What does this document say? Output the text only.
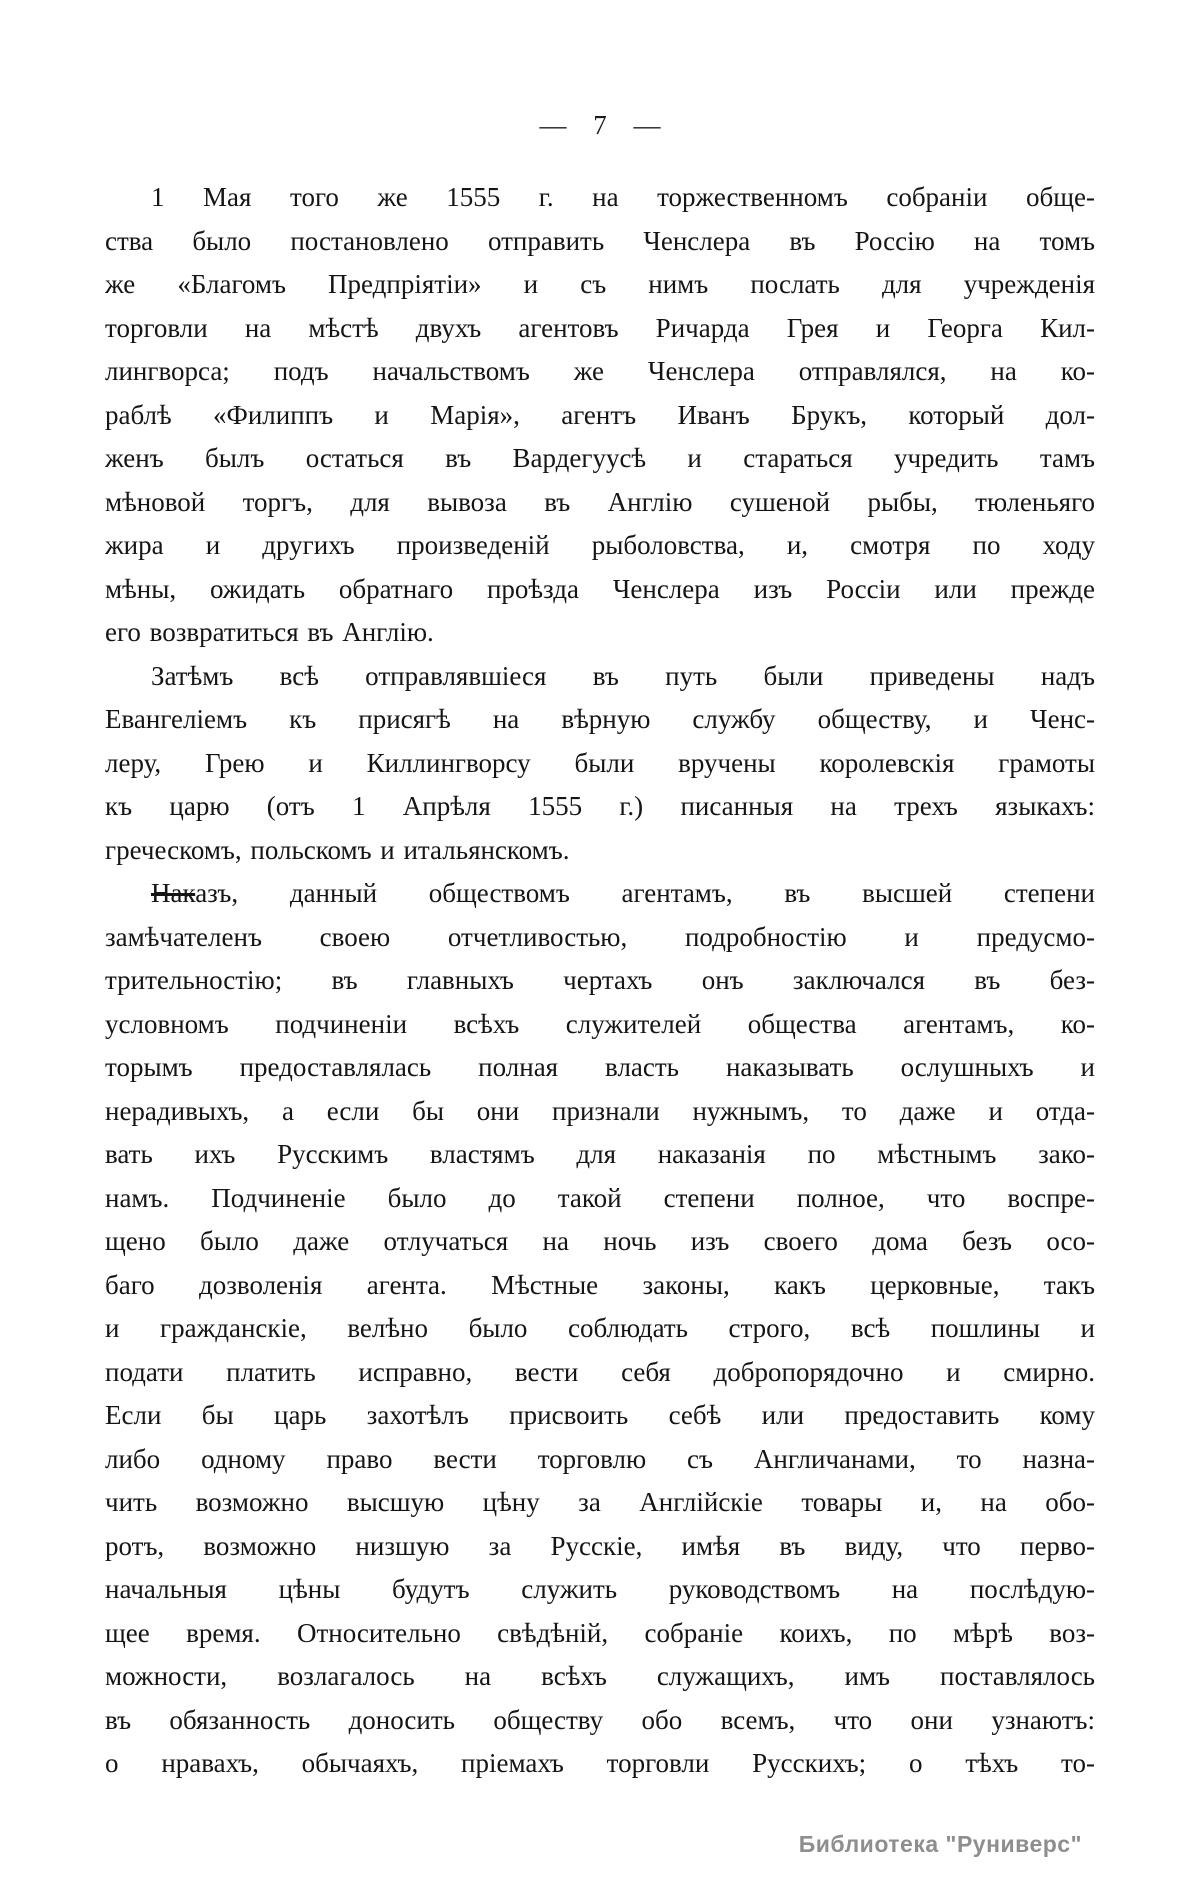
— 7 —
1 Мая того же 1555 г. на торжественномъ собраніи обще-
ства было постановлено отправить Ченслера въ Россію на томъ
же «Благомъ Предпріятіи» и съ нимъ послать для учрежденія
торговли на мѣстѣ двухъ агентовъ Ричарда Грея и Георга Кил-
лингворса; подъ начальствомъ же Ченслера отправлялся, на ко-
раблѣ «Филиппъ и Марія», агентъ Иванъ Брукъ, который дол-
женъ былъ остаться въ Вардегуусѣ и стараться учредить тамъ
мѣновой торгъ, для вывоза въ Англію сушеной рыбы, тюленьяго
жира и другихъ произведеній рыболовства, и, смотря по ходу
мѣны, ожидать обратнаго проѣзда Ченслера изъ Россіи или прежде
его возвратиться въ Англію.
Затѣмъ всѣ отправлявшіеся въ путь были приведены надъ
Евангеліемъ къ присягѣ на вѣрную службу обществу, и Ченс-
леру, Грею и Киллингворсу были вручены королевскія грамоты
къ царю (отъ 1 Апрѣля 1555 г.) писанныя на трехъ языкахъ:
греческомъ, польскомъ и итальянскомъ.
Наказъ, данный обществомъ агентамъ, въ высшей степени
замѣчателенъ своею отчетливостью, подробностію и предусмо-
трительностію; въ главныхъ чертахъ онъ заключался въ без-
условномъ подчиненіи всѣхъ служителей общества агентамъ, ко-
торымъ предоставлялась полная власть наказывать ослушныхъ и
нерадивыхъ, а если бы они признали нужнымъ, то даже и отда-
вать ихъ Русскимъ властямъ для наказанія по мѣстнымъ зако-
намъ. Подчиненіе было до такой степени полное, что воспре-
щено было даже отлучаться на ночь изъ своего дома безъ осо-
баго дозволенія агента. Мѣстные законы, какъ церковные, такъ
и гражданскіе, велѣно было соблюдать строго, всѣ пошлины и
подати платить исправно, вести себя добропорядочно и смирно.
Если бы царь захотѣлъ присвоить себѣ или предоставить кому
либо одному право вести торговлю съ Англичанами, то назна-
чить возможно высшую цѣну за Англійскіе товары и, на обо-
ротъ, возможно низшую за Русскіе, имѣя въ виду, что перво-
начальныя цѣны будутъ служить руководствомъ на послѣдую-
щее время. Относительно свѣдѣній, собраніе коихъ, по мѣрѣ воз-
можности, возлагалось на всѣхъ служащихъ, имъ поставлялось
въ обязанность доносить обществу обо всемъ, что они узнаютъ:
о нравахъ, обычаяхъ, пріемахъ торговли Русскихъ; о тѣхъ то-
Библиотека "Руниверс"
